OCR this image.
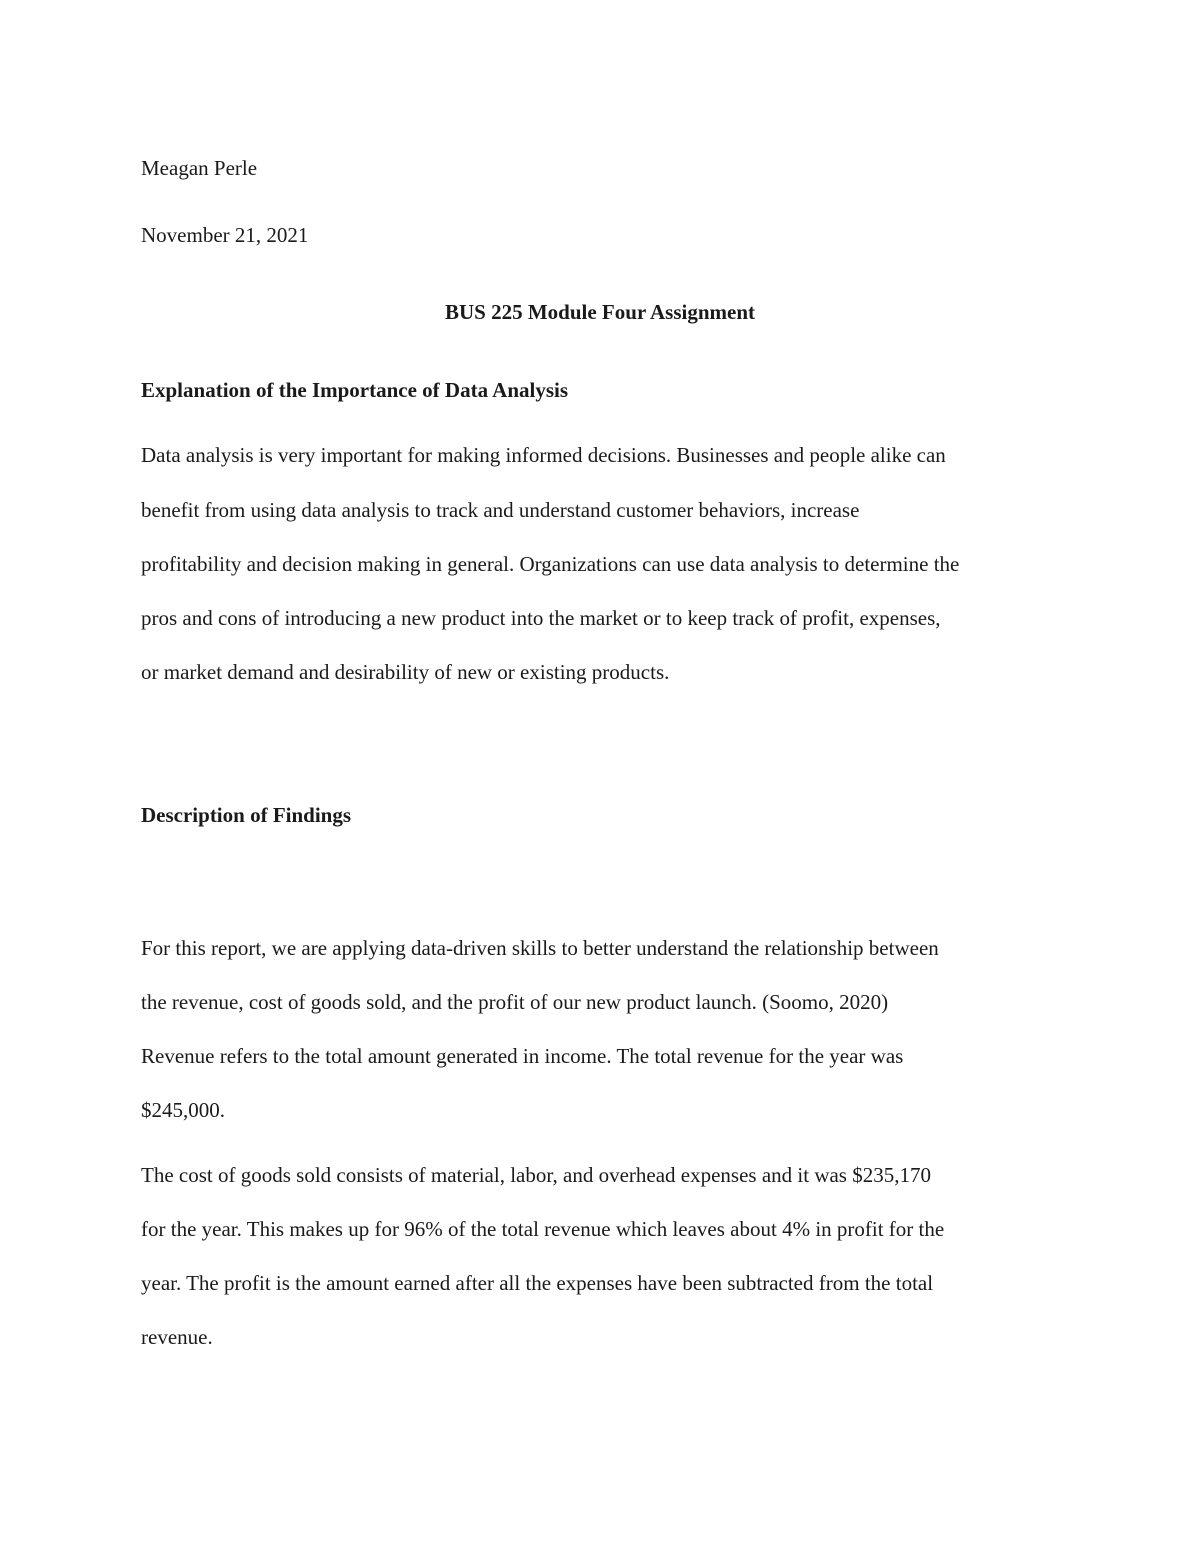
Meagan Perle

November 21, 2021

BUS 225 Module Four Assignment

Explanation of the Importance of Data Analysis

Data analysis is very important for making informed decisions. Businesses and people alike can

benefit from using data analysis to track and understand customer behaviors, increase

profitability and decision making in general. Organizations can use data analysis to determine the

pros and cons of introducing a new product into the market or to keep track of profit, expenses,

or market demand and desirability of new or existing products.

Description of Findings

For this report, we are applying data-driven skills to better understand the relationship between

the revenue, cost of goods sold, and the profit of our new product launch. (Soomo, 2020)

Revenue refers to the total amount generated in income. The total revenue for the year was

$245,000.

The cost of goods sold consists of material, labor, and overhead expenses and it was $235,170

for the year. This makes up for 96% of the total revenue which leaves about 4% in profit for the

year. The profit is the amount earned after all the expenses have been subtracted from the total

revenue.
